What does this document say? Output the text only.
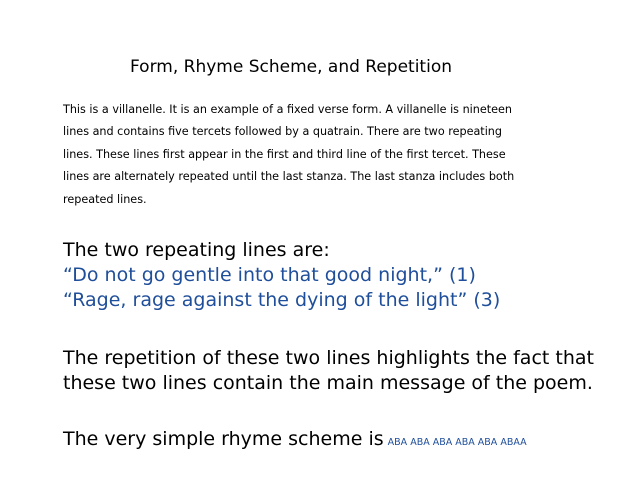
Form, Rhyme Scheme, and Repetition
This is a villanelle. It is an example of a fixed verse form. A villanelle is nineteen
lines and contains five tercets followed by a quatrain. There are two repeating
lines. These lines first appear in the first and third line of the first tercet. These
lines are alternately repeated until the last stanza. The last stanza includes both
repeated lines.
The two repeating lines are:
“Do not go gentle into that good night,” (1)
“Rage, rage against the dying of the light” (3)
The repetition of these two lines highlights the fact that
these two lines contain the main message of the poem.
The very simple rhyme scheme is ABA ABA ABA ABA ABA ABAA
